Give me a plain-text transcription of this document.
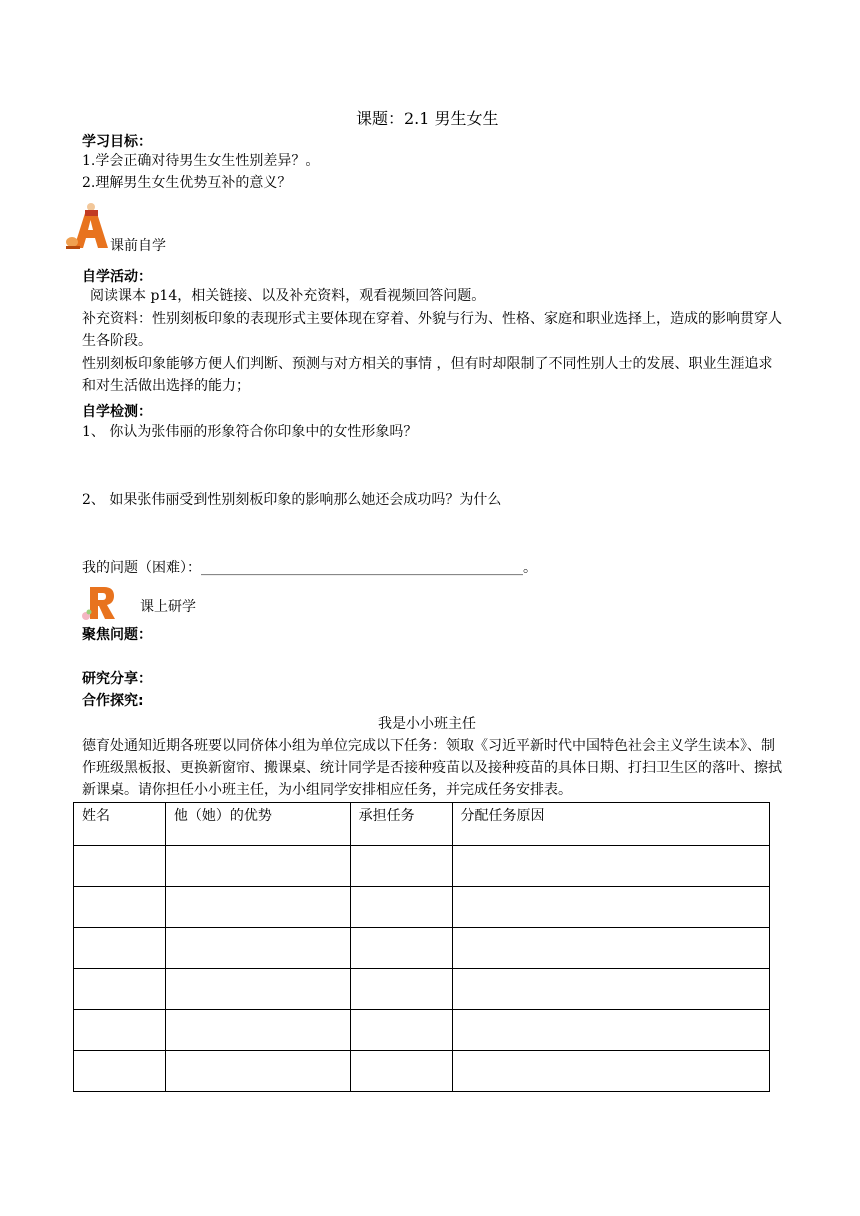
课题：2.1 男生女生
学习目标：
1.学会正确对待男生女生性别差异？。
2.理解男生女生优势互补的意义？
课前自学
自学活动：
阅读课本 p14，相关链接、以及补充资料，观看视频回答问题。
补充资料：性别刻板印象的表现形式主要体现在穿着、外貌与行为、性格、家庭和职业选择上，造成的影响贯穿人生各阶段。
性别刻板印象能够方便人们判断、预测与对方相关的事情 ，但有时却限制了不同性别人士的发展、职业生涯追求和对生活做出选择的能力；
自学检测：
1、 你认为张伟丽的形象符合你印象中的女性形象吗？
2、 如果张伟丽受到性别刻板印象的影响那么她还会成功吗？为什么
我的问题（困难）：______________________________________________。
课上研学
聚焦问题：
研究分享：
合作探究:
我是小小班主任
德育处通知近期各班要以同侪体小组为单位完成以下任务：领取《习近平新时代中国特色社会主义学生读本》、制作班级黑板报、更换新窗帘、搬课桌、统计同学是否接种疫苗以及接种疫苗的具体日期、打扫卫生区的落叶、擦拭新课桌。请你担任小小班主任，为小组同学安排相应任务，并完成任务安排表。
姓名	他（她）的优势	承担任务	分配任务原因
